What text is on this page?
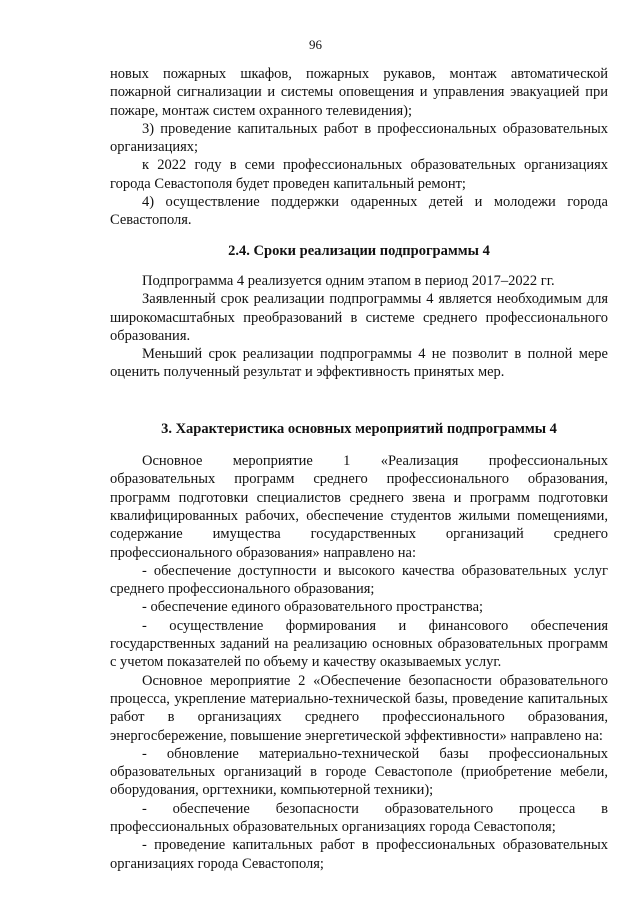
96

новых пожарных шкафов, пожарных рукавов, монтаж автоматической пожарной сигнализации и системы оповещения и управления эвакуацией при пожаре, монтаж систем охранного телевидения);

3) проведение капитальных работ в профессиональных образовательных организациях;

к 2022 году в семи профессиональных образовательных организациях города Севастополя будет проведен капитальный ремонт;

4) осуществление поддержки одаренных детей и молодежи города Севастополя.

2.4. Сроки реализации подпрограммы 4

Подпрограмма 4 реализуется одним этапом в период 2017–2022 гг.

Заявленный срок реализации подпрограммы 4 является необходимым для широкомасштабных преобразований в системе среднего профессионального образования.

Меньший срок реализации подпрограммы 4 не позволит в полной мере оценить полученный результат и эффективность принятых мер.

3. Характеристика основных мероприятий подпрограммы 4

Основное мероприятие 1 «Реализация профессиональных образовательных программ среднего профессионального образования, программ подготовки специалистов среднего звена и программ подготовки квалифицированных рабочих, обеспечение студентов жилыми помещениями, содержание имущества государственных организаций среднего профессионального образования» направлено на:

- обеспечение доступности и высокого качества образовательных услуг среднего профессионального образования;

- обеспечение единого образовательного пространства;

- осуществление формирования и финансового обеспечения государственных заданий на реализацию основных образовательных программ с учетом показателей по объему и качеству оказываемых услуг.

Основное мероприятие 2 «Обеспечение безопасности образовательного процесса, укрепление материально-технической базы, проведение капитальных работ в организациях среднего профессионального образования, энергосбережение, повышение энергетической эффективности» направлено на:

- обновление материально-технической базы профессиональных образовательных организаций в городе Севастополе (приобретение мебели, оборудования, оргтехники, компьютерной техники);

- обеспечение безопасности образовательного процесса в профессиональных образовательных организациях города Севастополя;

- проведение капитальных работ в профессиональных образовательных организациях города Севастополя;
